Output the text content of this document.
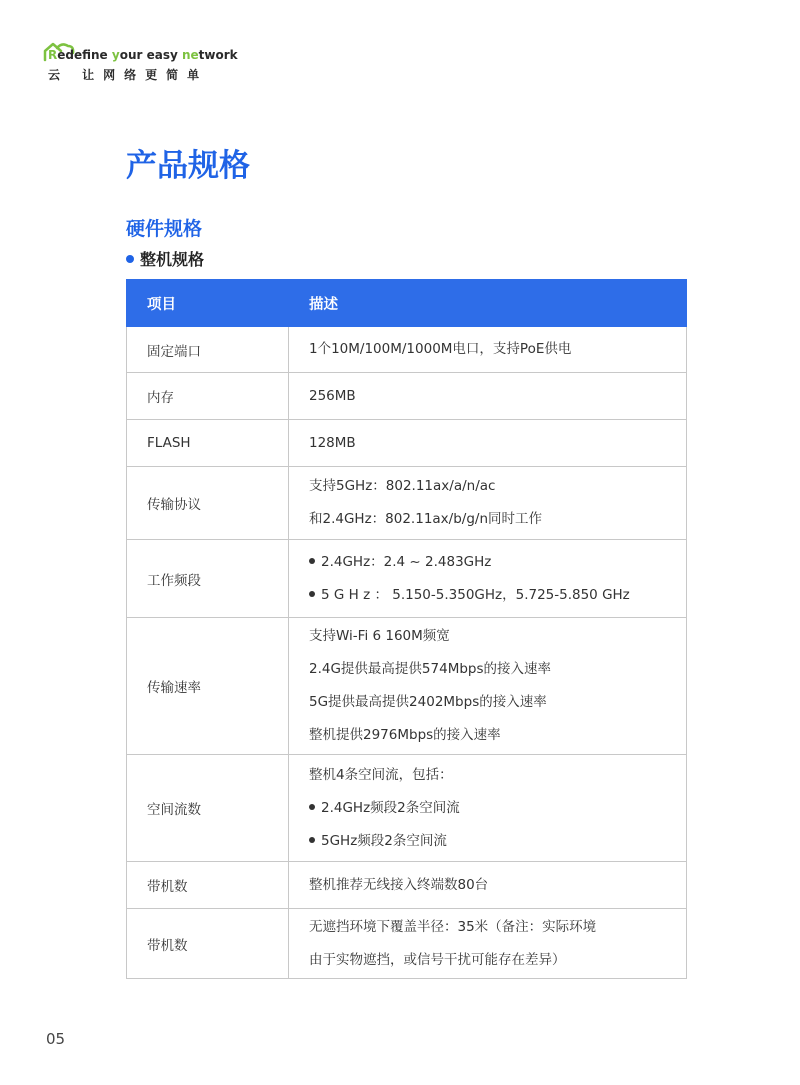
Redefine your easy network
云 让网络更简单
产品规格
硬件规格
整机规格
项目	描述
固定端口	1个10M/100M/1000M电口，支持PoE供电

内存	256MB

FLASH	128MB

传输协议	支持5GHz：802.11ax/a/n/ac
和2.4GHz：802.11ax/b/g/n同时工作

工作频段	2.4GHz：2.4 ~ 2.483GHz
5 G H z ： 5.150-5.350GHz，5.725-5.850 GHz

传输速率	支持Wi-Fi 6 160M频宽
2.4G提供最高提供574Mbps的接入速率
5G提供最高提供2402Mbps的接入速率
整机提供2976Mbps的接入速率

空间流数	整机4条空间流，包括：
2.4GHz频段2条空间流
5GHz频段2条空间流

带机数	整机推荐无线接入终端数80台

带机数	无遮挡环境下覆盖半径：35米（备注：实际环境
由于实物遮挡，或信号干扰可能存在差异）
05
